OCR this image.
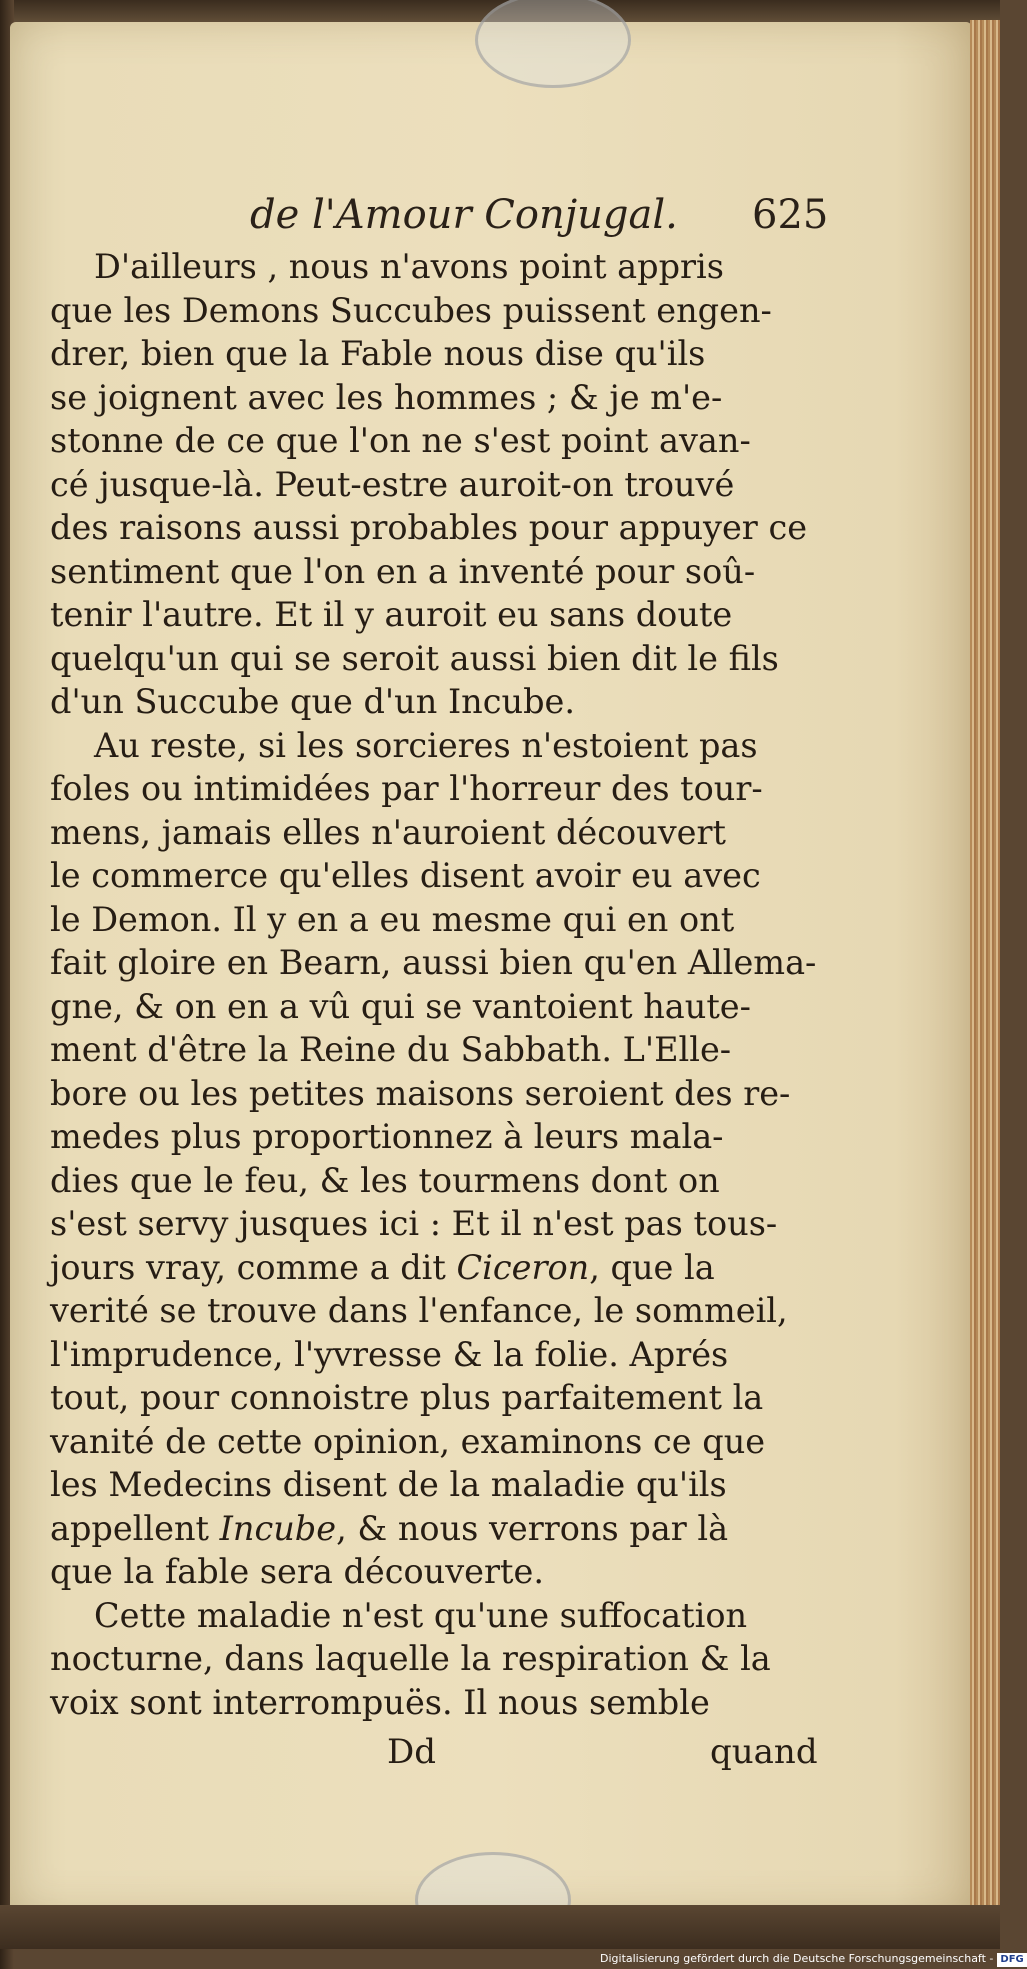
de l'Amour Conjugal. 625

D'ailleurs , nous n'avons point appris
que les Demons Succubes puissent engen-
drer, bien que la Fable nous dise qu'ils
se joignent avec les hommes ; & je m'e-
stonne de ce que l'on ne s'est point avan-
cé jusque-là. Peut-estre auroit-on trouvé
des raisons aussi probables pour appuyer ce
sentiment que l'on en a inventé pour soû-
tenir l'autre. Et il y auroit eu sans doute
quelqu'un qui se seroit aussi bien dit le fils
d'un Succube que d'un Incube.

Au reste, si les sorcieres n'estoient pas
foles ou intimidées par l'horreur des tour-
mens, jamais elles n'auroient découvert
le commerce qu'elles disent avoir eu avec
le Demon. Il y en a eu mesme qui en ont
fait gloire en Bearn, aussi bien qu'en Allema-
gne, & on en a vû qui se vantoient haute-
ment d'être la Reine du Sabbath. L'Elle-
bore ou les petites maisons seroient des re-
medes plus proportionnez à leurs mala-
dies que le feu, & les tourmens dont on
s'est servy jusques ici : Et il n'est pas tous-
jours vray, comme a dit Ciceron, que la
verité se trouve dans l'enfance, le sommeil,
l'imprudence, l'yvresse & la folie. Aprés
tout, pour connoistre plus parfaitement la
vanité de cette opinion, examinons ce que
les Medecins disent de la maladie qu'ils
appellent Incube, & nous verrons par là
que la fable sera découverte.

Cette maladie n'est qu'une suffocation
nocturne, dans laquelle la respiration & la
voix sont interrompuës. Il nous semble

Dd	quand
Digitalisierung gefördert durch die Deutsche Forschungsgemeinschaft - DFG
